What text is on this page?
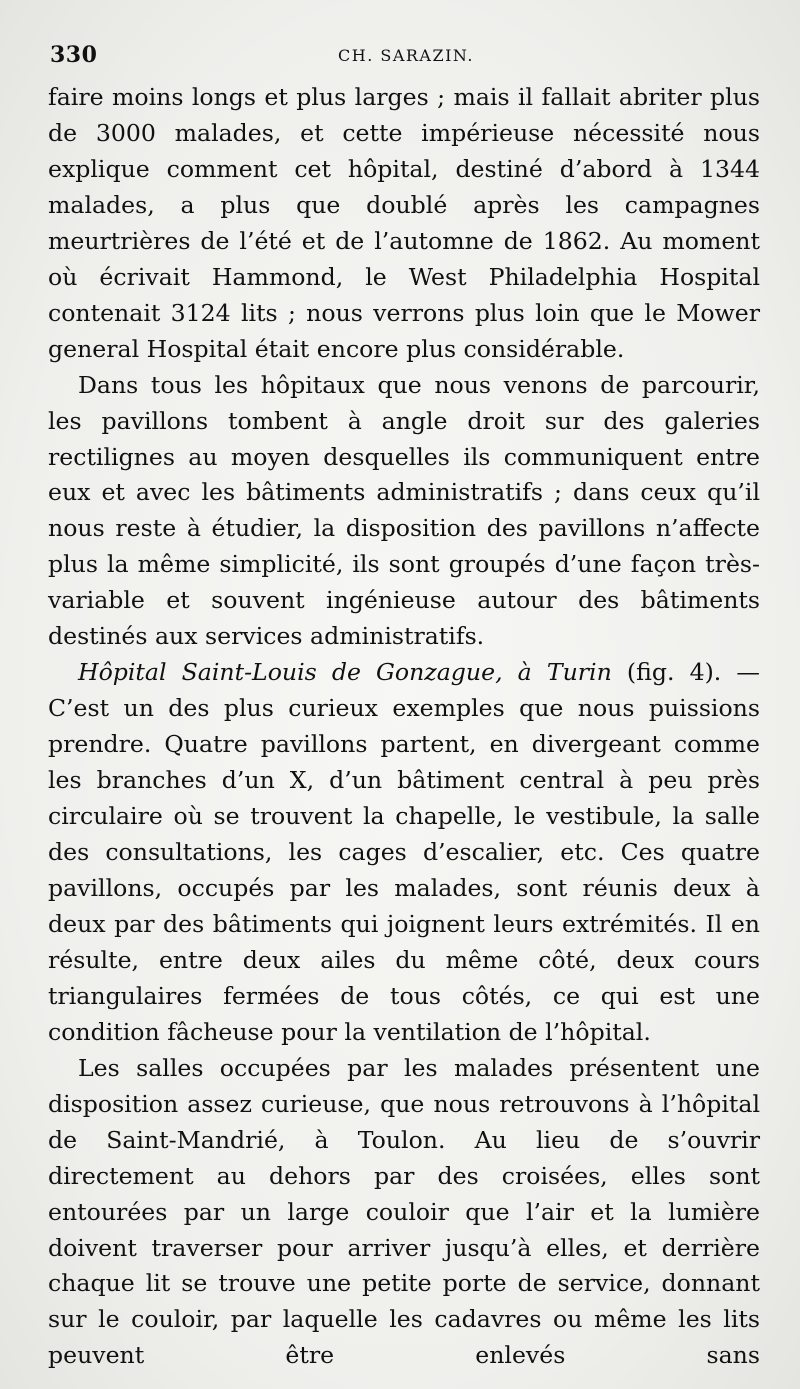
330	CH. SARAZIN.

faire moins longs et plus larges ; mais il fallait abriter plus de 3000 malades, et cette impérieuse nécessité nous explique comment cet hôpital, destiné d’abord à 1344 malades, a plus que doublé après les campagnes meurtrières de l’été et de l’automne de 1862. Au moment où écrivait Hammond, le West Philadelphia Hospital contenait 3124 lits ; nous verrons plus loin que le Mower general Hospital était encore plus considérable.

Dans tous les hôpitaux que nous venons de parcourir, les pavillons tombent à angle droit sur des galeries rectilignes au moyen desquelles ils communiquent entre eux et avec les bâtiments administratifs ; dans ceux qu’il nous reste à étudier, la disposition des pavillons n’affecte plus la même simplicité, ils sont groupés d’une façon très-variable et souvent ingénieuse autour des bâtiments destinés aux services administratifs.

Hôpital Saint-Louis de Gonzague, à Turin (fig. 4). — C’est un des plus curieux exemples que nous puissions prendre. Quatre pavillons partent, en divergeant comme les branches d’un X, d’un bâtiment central à peu près circulaire où se trouvent la chapelle, le vestibule, la salle des consultations, les cages d’escalier, etc. Ces quatre pavillons, occupés par les malades, sont réunis deux à deux par des bâtiments qui joignent leurs extrémités. Il en résulte, entre deux ailes du même côté, deux cours triangulaires fermées de tous côtés, ce qui est une condition fâcheuse pour la ventilation de l’hôpital.

Les salles occupées par les malades présentent une disposition assez curieuse, que nous retrouvons à l’hôpital de Saint-Mandrié, à Toulon. Au lieu de s’ouvrir directement au dehors par des croisées, elles sont entourées par un large couloir que l’air et la lumière doivent traverser pour arriver jusqu’à elles, et derrière chaque lit se trouve une petite porte de service, donnant sur le couloir, par laquelle les cadavres ou même les lits peuvent être enlevés sans
